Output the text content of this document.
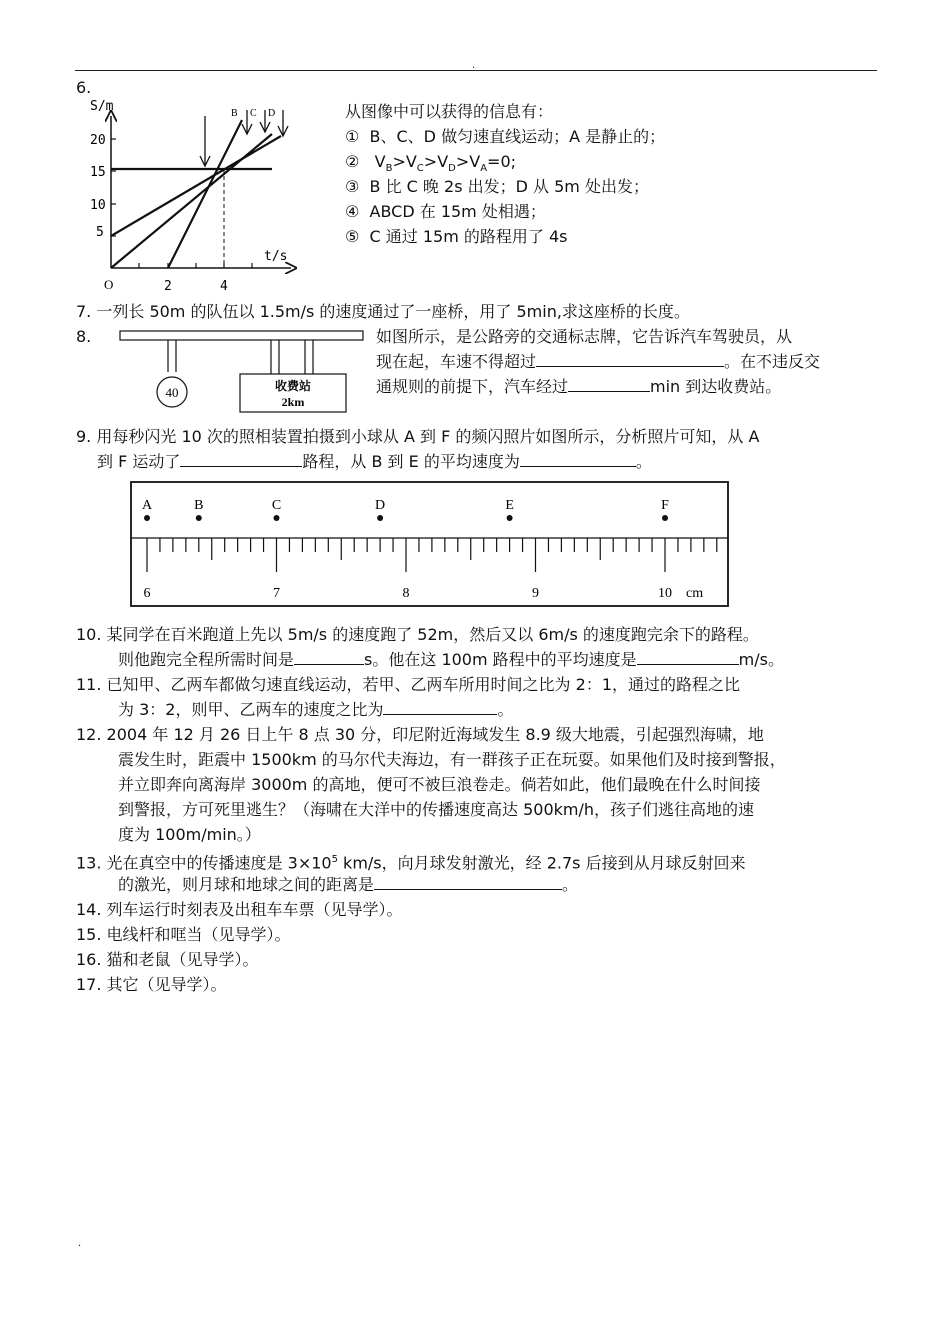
.
6.
S/m
t/s
O
20
15
10
5
2	4
B C D	从图像中可以获得的信息有：
①  B、C、D 做匀速直线运动；A 是静止的；
② $V_B>V_C>V_D>V_A=0$;
③ B 比 C 晚 2s 出发；D 从 5m 处出发；
④ ABCD 在 15m 处相遇；
⑤ C 通过 15m 的路程用了 4s
7. 一列长 50m 的队伍以 1.5m/s 的速度通过了一座桥，用了 5min,求这座桥的长度。
8.
40	收费站
2km
如图所示，是公路旁的交通标志牌，它告诉汽车驾驶员，从
现在起，车速不得超过	。在不违反交
通规则的前提下，汽车经过	min 到达收费站。
9. 用每秒闪光 10 次的照相装置拍摄到小球从 A 到 F 的频闪照片如图所示，分析照片可知，从 A
到 F 运动了	路程，从 B 到 E 的平均速度为	。
A	B	C	D	E	F
6	7	8	9	10 cm
10. 某同学在百米跑道上先以 5m/s 的速度跑了 52m，然后又以 6m/s 的速度跑完余下的路程。
则他跑完全程所需时间是	s。他在这 100m 路程中的平均速度是	m/s。
11. 已知甲、乙两车都做匀速直线运动，若甲、乙两车所用时间之比为 2：1，通过的路程之比
为 3：2，则甲、乙两车的速度之比为	。
12. 2004 年 12 月 26 日上午 8 点 30 分，印尼附近海域发生 8.9 级大地震，引起强烈海啸，地
震发生时，距震中 1500km 的马尔代夫海边，有一群孩子正在玩耍。如果他们及时接到警报，
并立即奔向离海岸 3000m 的高地，便可不被巨浪卷走。倘若如此，他们最晚在什么时间接
到警报，方可死里逃生？（海啸在大洋中的传播速度高达 500km/h，孩子们逃往高地的速
度为 100m/min。）
13. 光在真空中的传播速度是 $3\times 10^5$ km/s，向月球发射激光，经 2.7s 后接到从月球反射回来
的激光，则月球和地球之间的距离是	。
14. 列车运行时刻表及出租车车票（见导学）。
15. 电线杆和哐当（见导学）。
16. 猫和老鼠（见导学）。
17. 其它（见导学）。
.
